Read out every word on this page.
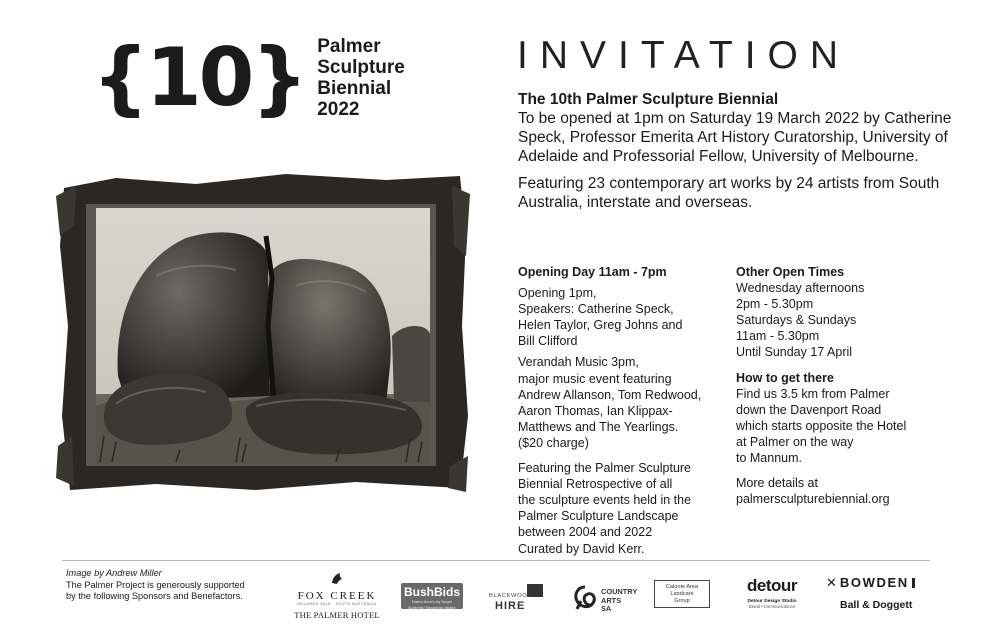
{10} Palmer
Sculpture
Biennial
2022
INVITATION

The 10th Palmer Sculpture Biennial

To be opened at 1pm on Saturday 19 March 2022 by Catherine Speck, Professor Emerita Art History Curatorship, University of Adelaide and Professorial Fellow, University of Melbourne.

Featuring 23 contemporary art works by 24 artists from South Australia, interstate and overseas.

Opening Day 11am - 7pm

Opening 1pm,

Speakers: Catherine Speck,

Helen Taylor, Greg Johns and

Bill Clifford

Verandah Music 3pm,

major music event featuring

Andrew Allanson, Tom Redwood,

Aaron Thomas, Ian Klippax-

Matthews and The Yearlings.

($20 charge)

Featuring the Palmer Sculpture

Biennial Retrospective of all

the sculpture events held in the

Palmer Sculpture Landscape

between 2004 and 2022

Curated by David Kerr.

Other Open Times

Wednesday afternoons

2pm - 5.30pm

Saturdays & Sundays

11am - 5.30pm

Until Sunday 17 April

How to get there

Find us 3.5 km from Palmer

down the Davenport Road

which starts opposite the Hotel

at Palmer on the way

to Mannum.

More details at

palmersculpturebiennial.org

Image by Andrew Miller

The Palmer Project is generously supported

by the following Sponsors and Benefactors.	FOX CREEK
MCLAREN VALE · SOUTH AUSTRALIA
THE PALMER HOTEL
BushBids
Eastern Mount Lofty Ranges
Biodiversity Stewardship Initiative
BLACKWOOD
HIRE
COUNTRY
ARTS
SA
Caloote Area
Landcare
Group
detour
Detour Design Studio
Brand • Communications
✕ BOWDEN
Ball & Doggett
